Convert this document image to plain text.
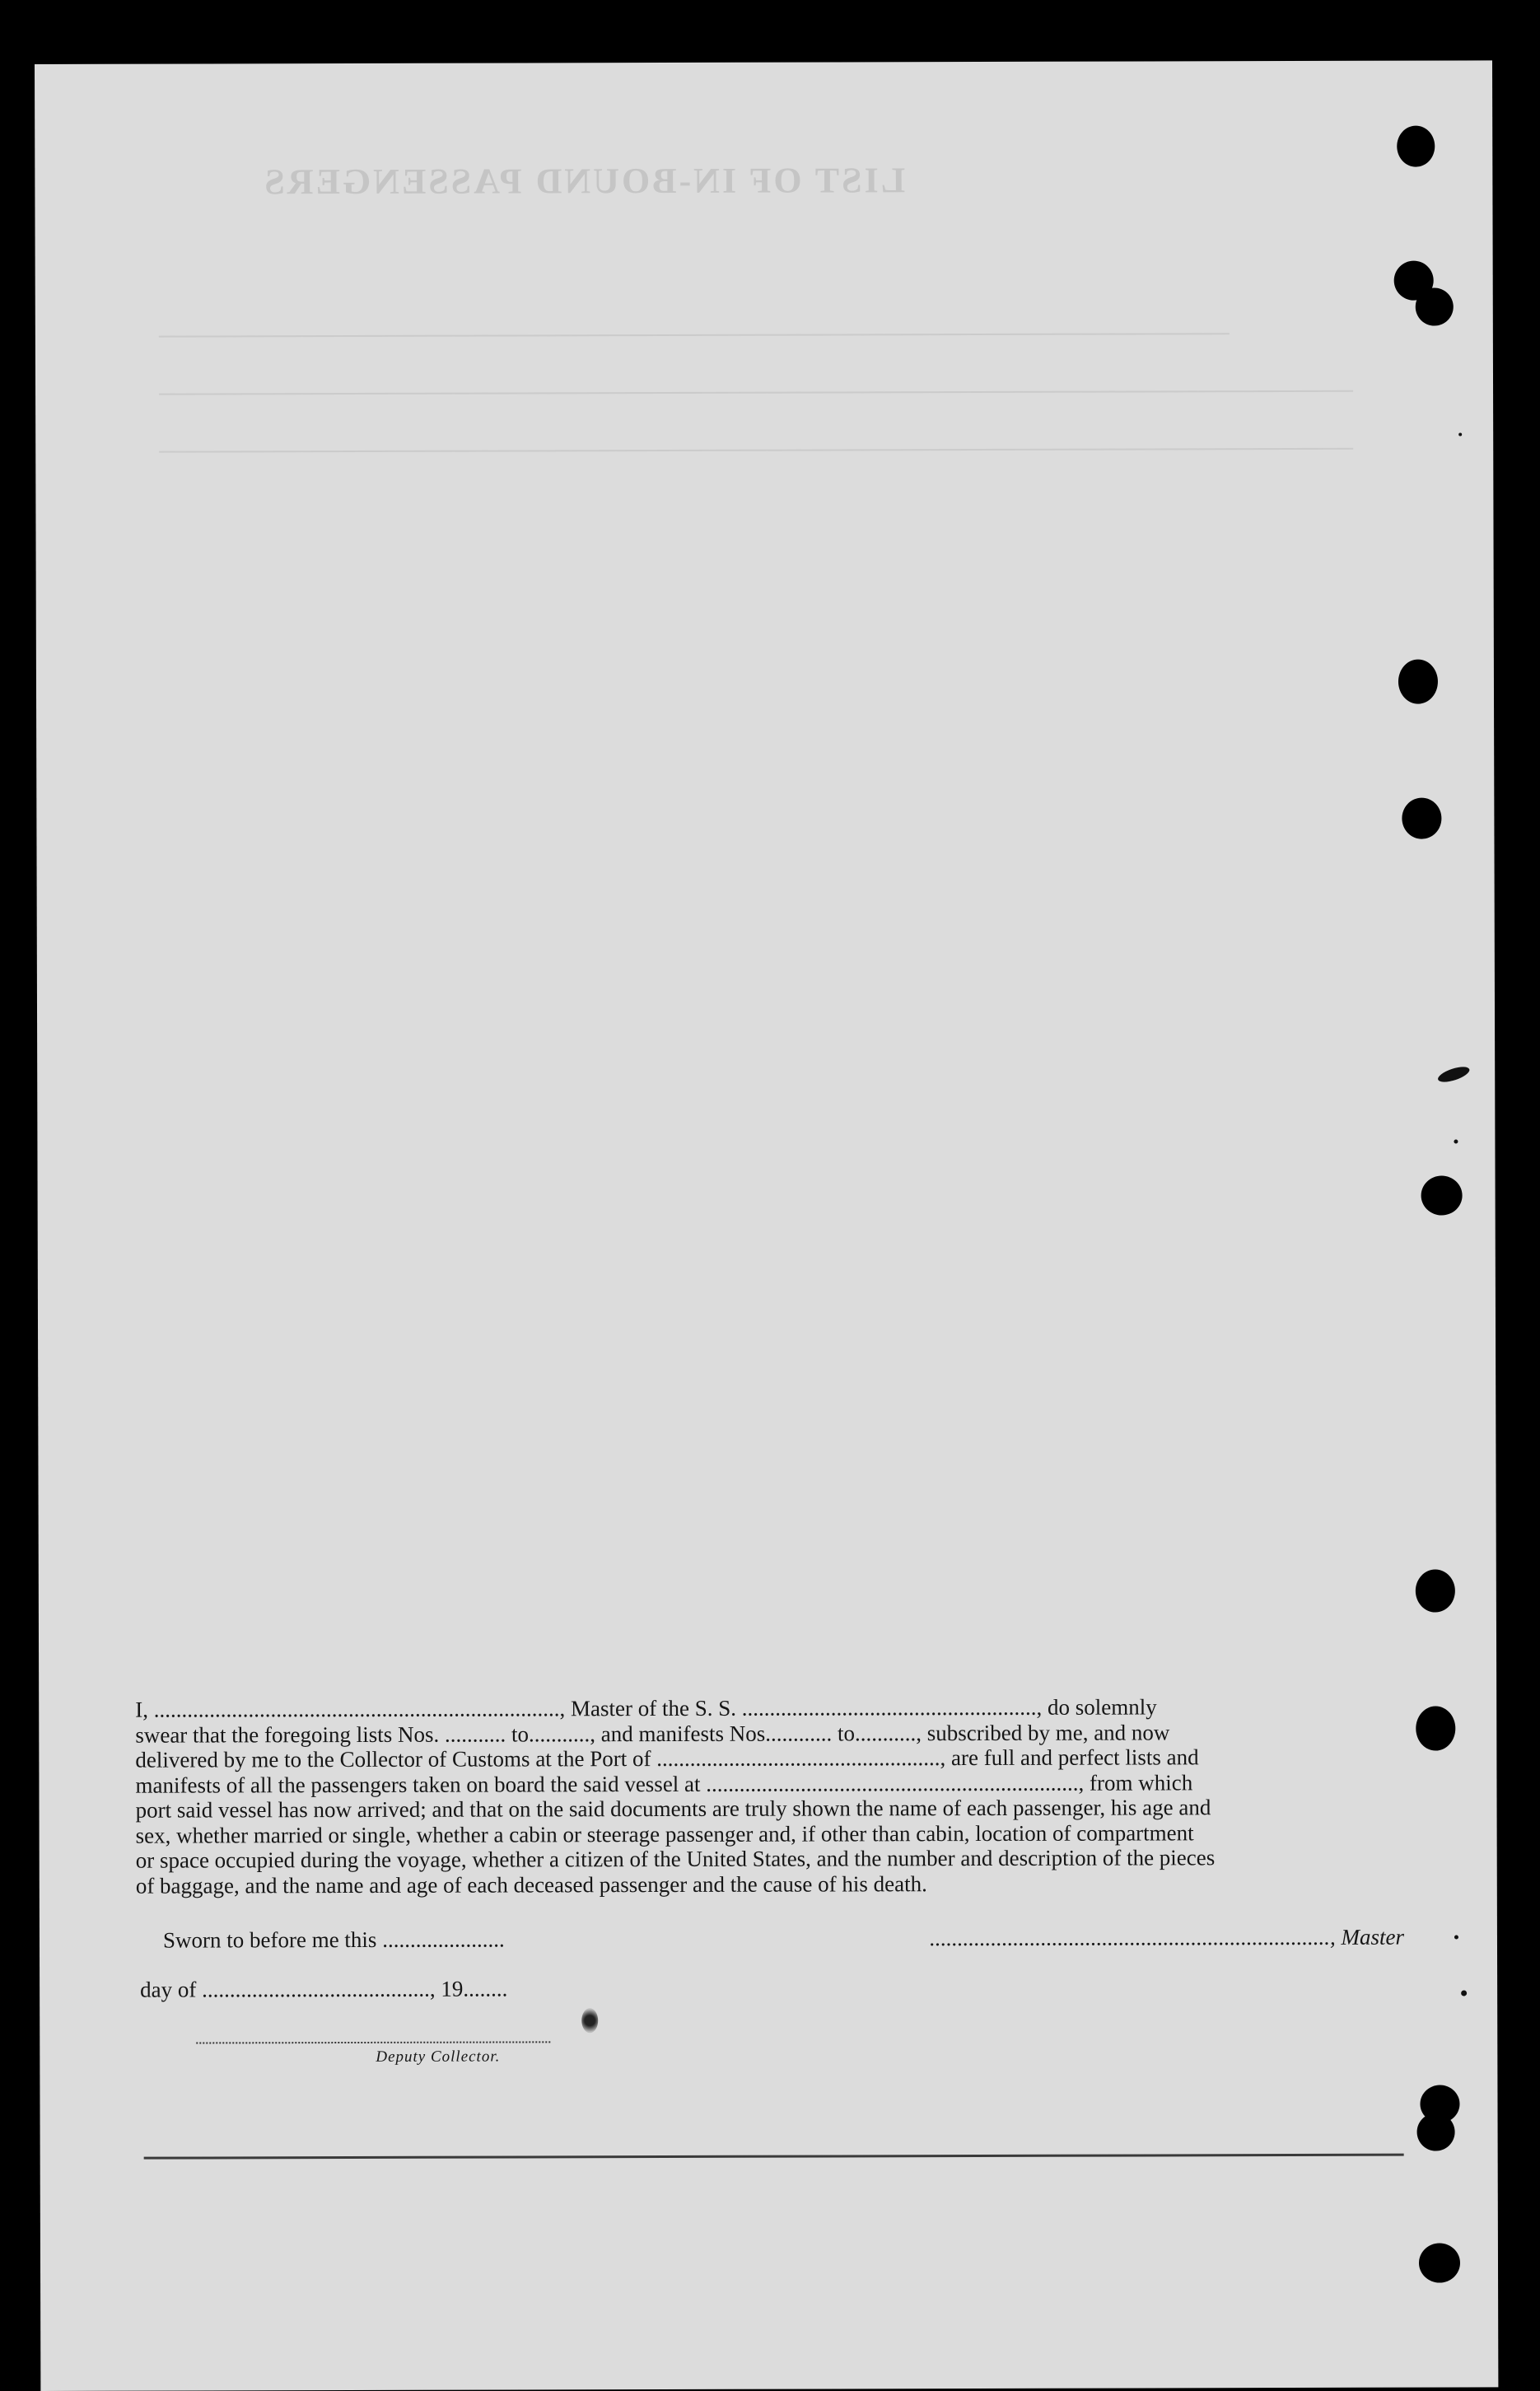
LIST OF IN-BOUND PASSENGERS

I, ........................................................................., Master of the S. S. ....................................................., do solemnly

swear that the foregoing lists Nos. ........... to..........., and manifests Nos............ to..........., subscribed by me, and now

delivered by me to the Collector of Customs at the Port of ..................................................., are full and perfect lists and

manifests of all the passengers taken on board the said vessel at ..................................................................., from which

port said vessel has now arrived; and that on the said documents are truly shown the name of each passenger, his age and

sex, whether married or single, whether a cabin or steerage passenger and, if other than cabin, location of compartment

or space occupied during the voyage, whether a citizen of the United States, and the number and description of the pieces

of baggage, and the name and age of each deceased passenger and the cause of his death.

Sworn to before me this ......................	........................................................................, Master
day of ........................................., 19........
Deputy Collector.
